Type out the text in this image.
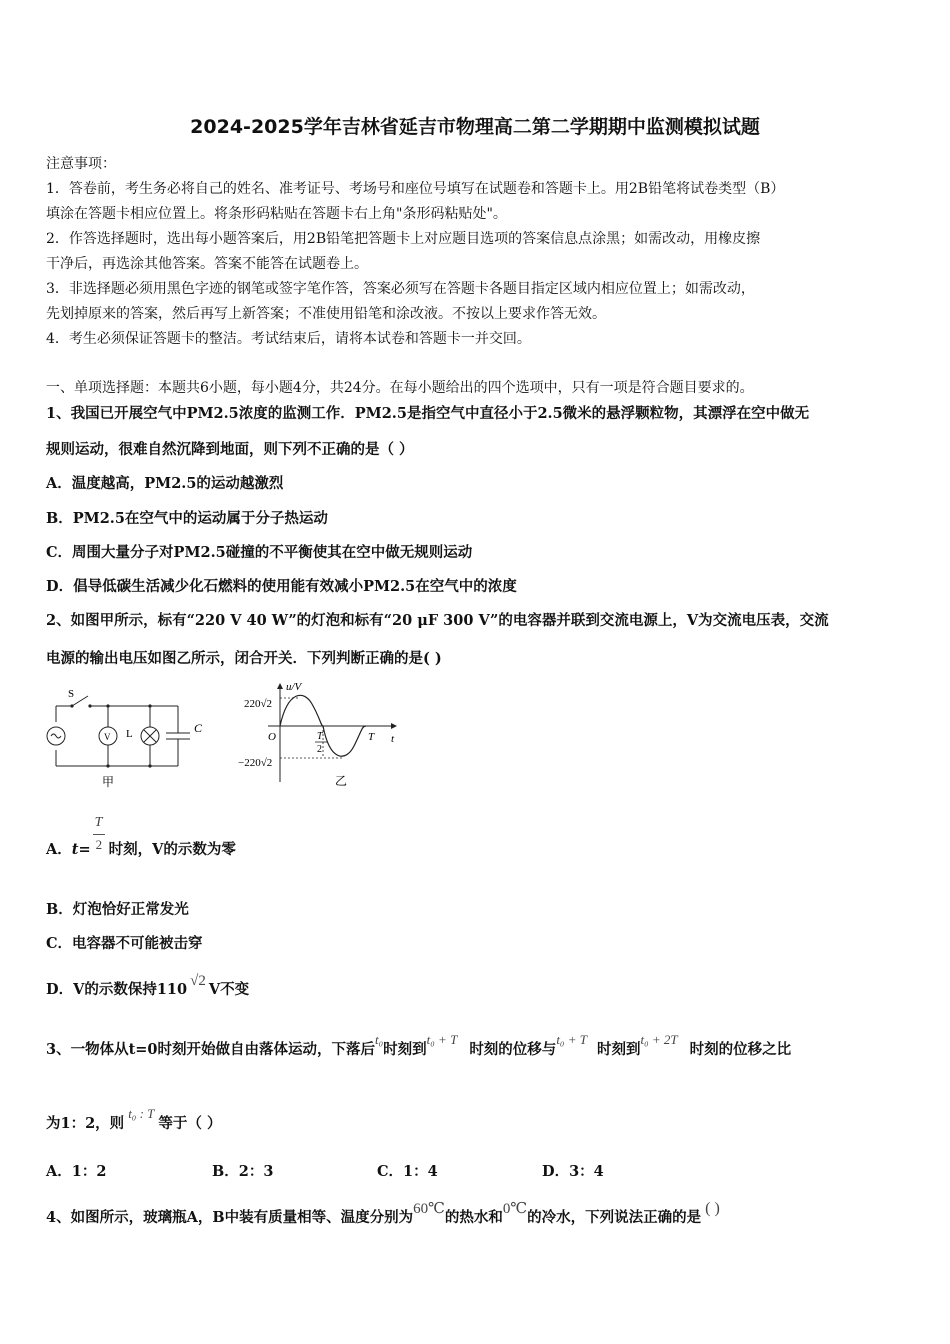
2024-2025学年吉林省延吉市物理高二第二学期期中监测模拟试题
注意事项：
1．答卷前，考生务必将自己的姓名、准考证号、考场号和座位号填写在试题卷和答题卡上。用2B铅笔将试卷类型（B）
填涂在答题卡相应位置上。将条形码粘贴在答题卡右上角"条形码粘贴处"。
2．作答选择题时，选出每小题答案后，用2B铅笔把答题卡上对应题目选项的答案信息点涂黑；如需改动，用橡皮擦
干净后，再选涂其他答案。答案不能答在试题卷上。
3．非选择题必须用黑色字迹的钢笔或签字笔作答，答案必须写在答题卡各题目指定区域内相应位置上；如需改动，
先划掉原来的答案，然后再写上新答案；不准使用铅笔和涂改液。不按以上要求作答无效。
4．考生必须保证答题卡的整洁。考试结束后，请将本试卷和答题卡一并交回。
一、单项选择题：本题共6小题，每小题4分，共24分。在每小题给出的四个选项中，只有一项是符合题目要求的。
1、我国已开展空气中PM2.5浓度的监测工作．PM2.5是指空气中直径小于2.5微米的悬浮颗粒物，其漂浮在空中做无
规则运动，很难自然沉降到地面，则下列不正确的是（ ）
A．温度越高，PM2.5的运动越激烈
B．PM2.5在空气中的运动属于分子热运动
C．周围大量分子对PM2.5碰撞的不平衡使其在空中做无规则运动
D．倡导低碳生活减少化石燃料的使用能有效减小PM2.5在空气中的浓度
2、如图甲所示，标有“220 V 40 W”的灯泡和标有“20 μF 300 V”的电容器并联到交流电源上，V为交流电压表，交流
电源的输出电压如图乙所示，闭合开关．下列判断正确的是( )
S
V L	C
甲
u/V
220√2
−220√2
O	T
2
T t
乙
A．$t= \frac{T}{2}$ 时刻，V的示数为零
B．灯泡恰好正常发光
C．电容器不可能被击穿
D．V的示数保持110 √2 V不变
3、一物体从t=0时刻开始做自由落体运动，下落后t₀时刻到t₀ + T时刻的位移与t₀ + T时刻到t₀ + 2T时刻的位移之比
为1：2，则t₀ : T等于（ ）
A．1：2	B．2：3	C．1：4	D．3：4
4、如图所示，玻璃瓶A，B中装有质量相等、温度分别为60℃的热水和0℃的冷水，下列说法正确的是( )
